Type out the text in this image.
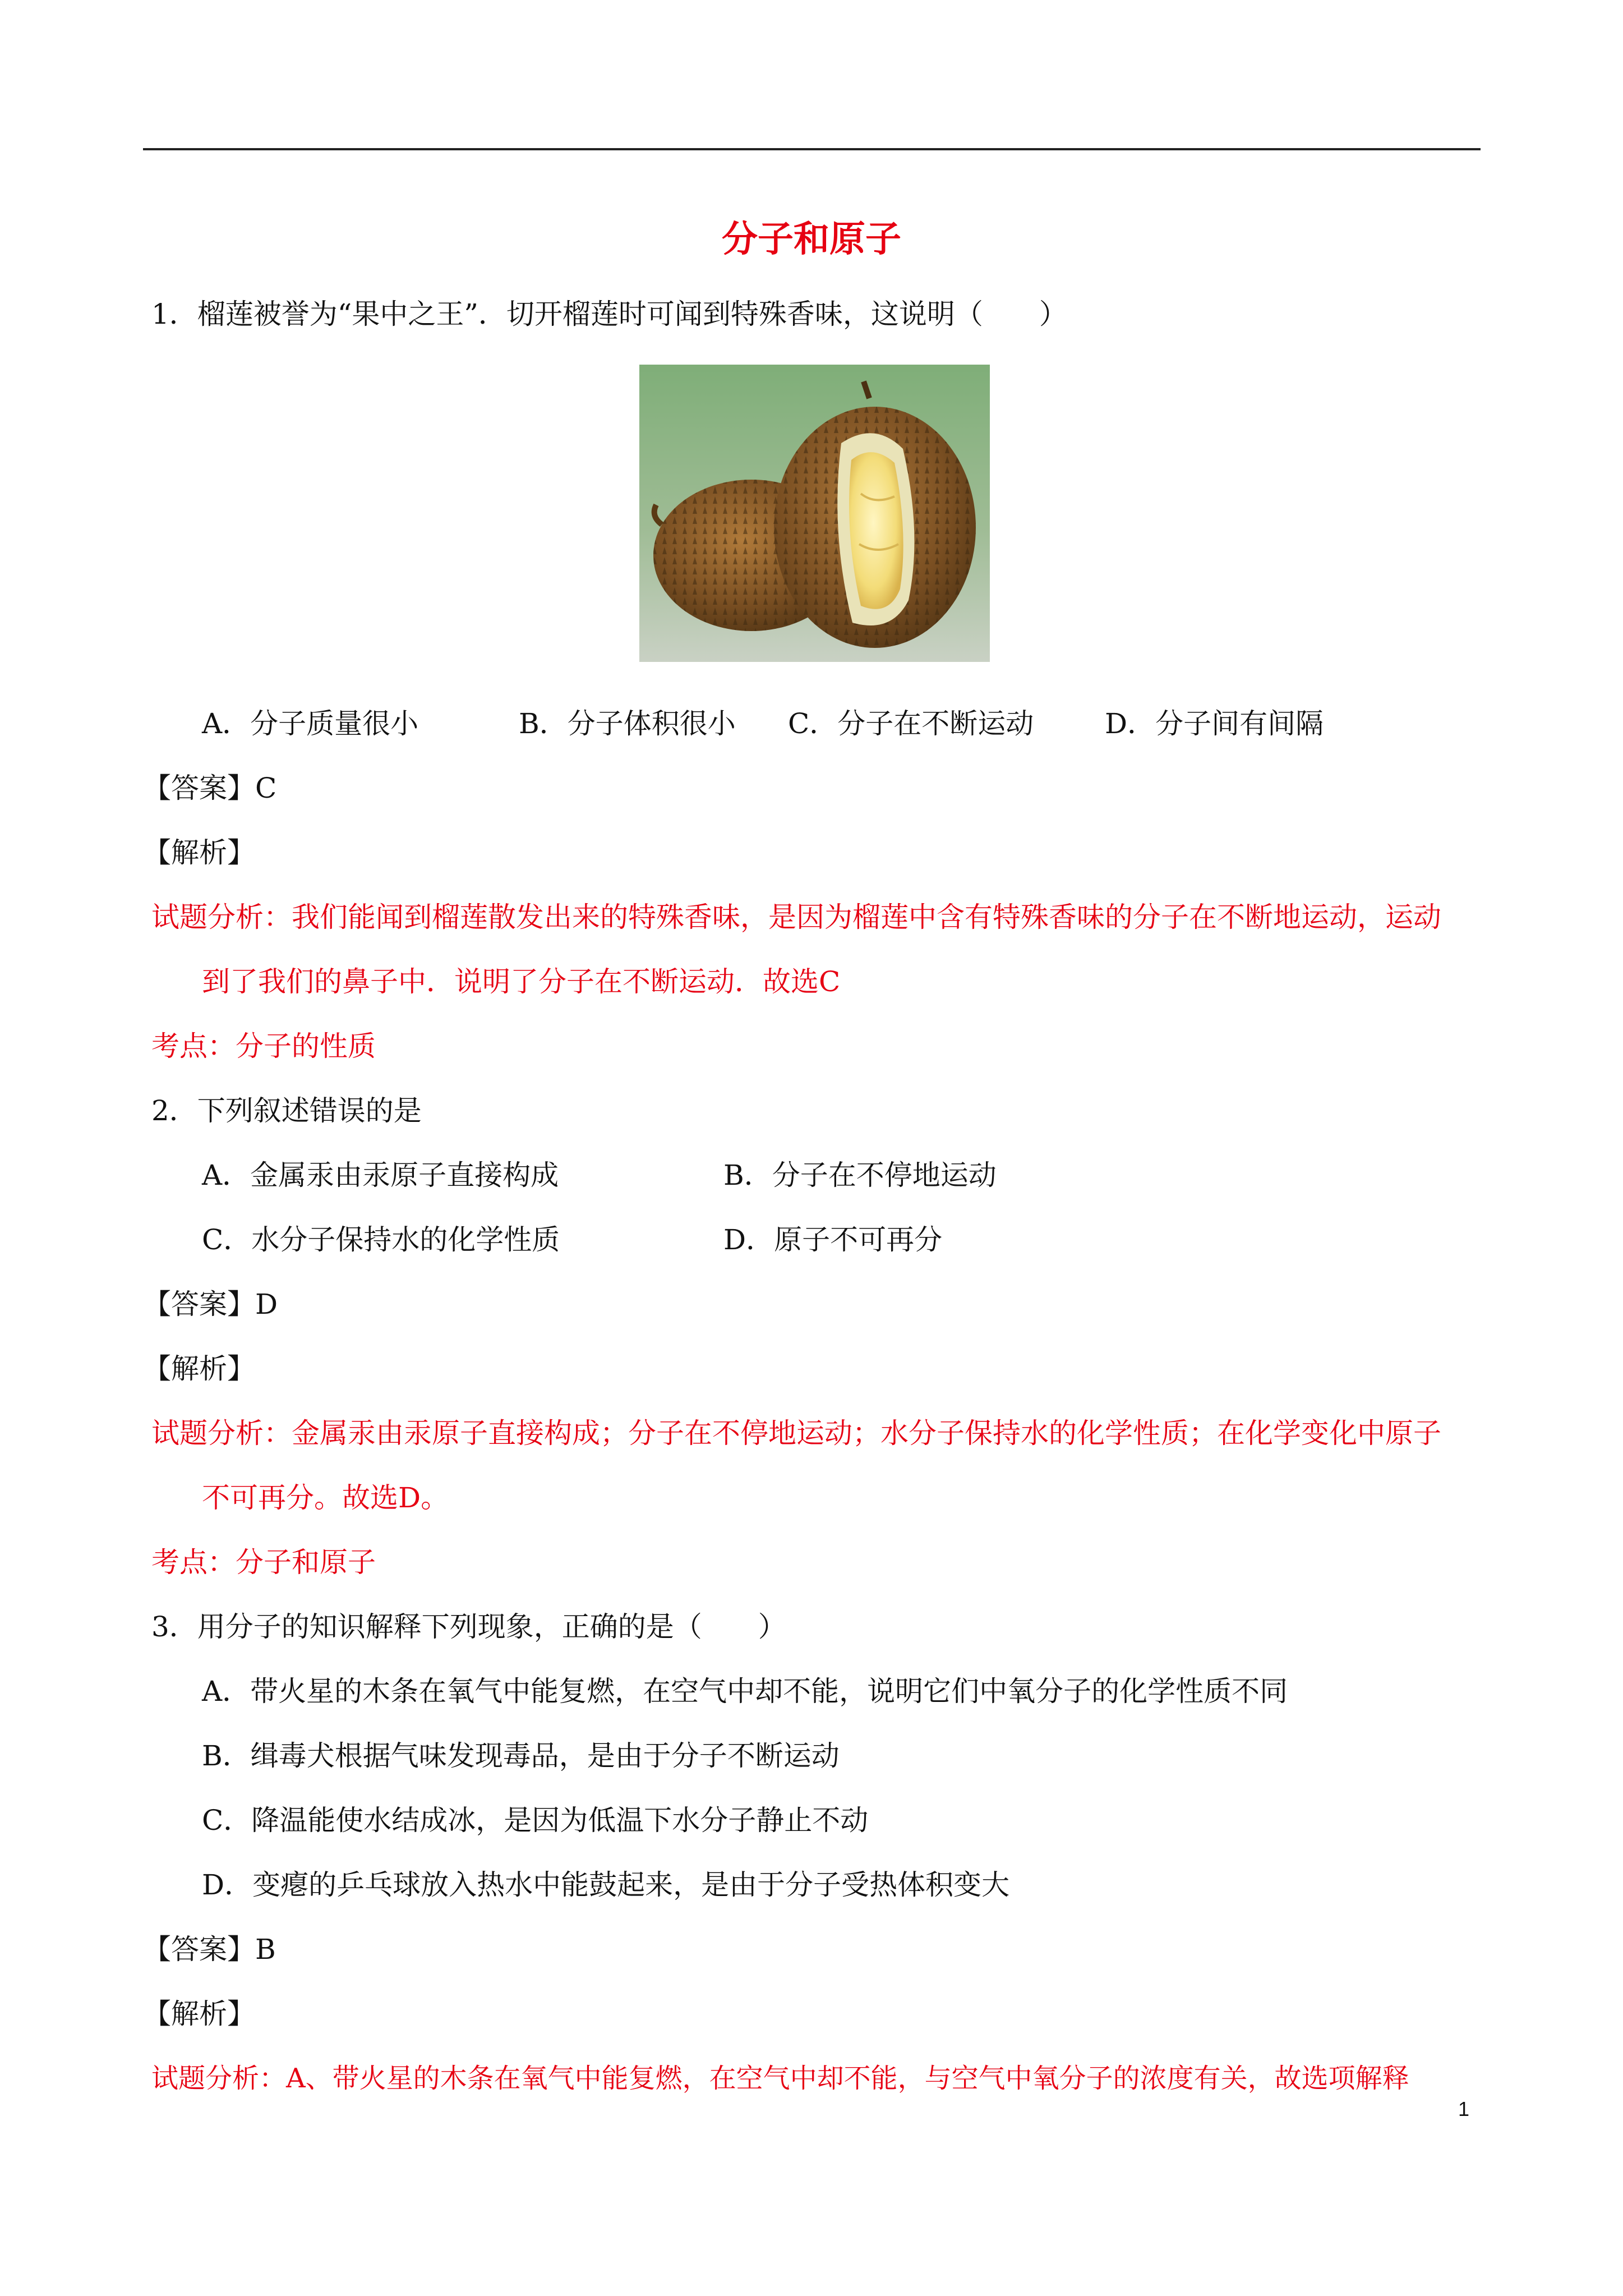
分子和原子
1．榴莲被誉为“果中之王”．切开榴莲时可闻到特殊香味，这说明（　　）
A．分子质量很小	B．分子体积很小 C．分子在不断运动	D．分子间有间隔
【答案】C
【解析】
试题分析：我们能闻到榴莲散发出来的特殊香味，是因为榴莲中含有特殊香味的分子在不断地运动，运动
到了我们的鼻子中．说明了分子在不断运动．故选C
考点：分子的性质
2．下列叙述错误的是
A．金属汞由汞原子直接构成	B．分子在不停地运动
C．水分子保持水的化学性质	D．原子不可再分
【答案】D
【解析】
试题分析：金属汞由汞原子直接构成；分子在不停地运动；水分子保持水的化学性质；在化学变化中原子
不可再分。故选D。
考点：分子和原子
3．用分子的知识解释下列现象，正确的是（　　）
A．带火星的木条在氧气中能复燃，在空气中却不能，说明它们中氧分子的化学性质不同
B．缉毒犬根据气味发现毒品，是由于分子不断运动
C．降温能使水结成冰，是因为低温下水分子静止不动
D．变瘪的乒乓球放入热水中能鼓起来，是由于分子受热体积变大
【答案】B
【解析】
试题分析：A、带火星的木条在氧气中能复燃，在空气中却不能，与空气中氧分子的浓度有关，故选项解释
1
